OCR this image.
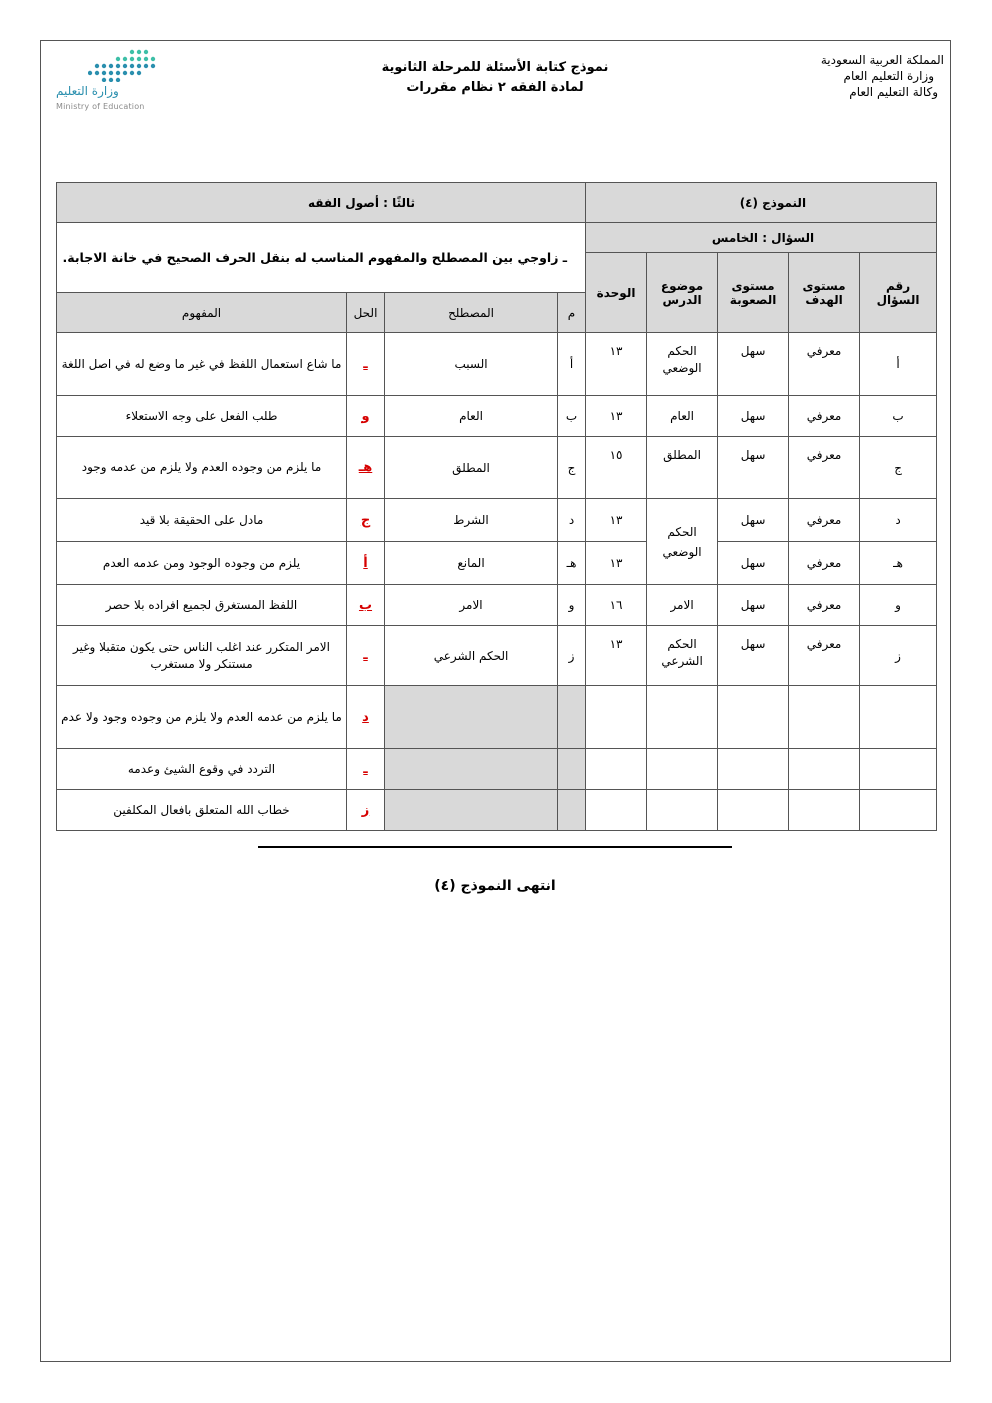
المملكة العربية السعودية
وزارة التعليم العام
وكالة التعليم العام
نموذج كتابة الأسئلة للمرحلة الثانوية
لمادة الفقه ٢ نظام مقررات
وزارة التعليم
Ministry of Education
النموذج (٤)				
السؤال : الخامس				
رقم السؤال	مستوى الهدف	مستوى الصعوبة	موضوع الدرس	الوحدة
أ	معرفي	سهل	الحكم الوضعي	١٣
ب	معرفي	سهل	العام	١٣
ج	معرفي	سهل	المطلق	١٥
د	معرفي	سهل	الحكم الوضعي	١٣
هـ	معرفي	سهل		١٣
و	معرفي	سهل	الامر	١٦
ز	معرفي	سهل	الحكم الشرعي	١٣

ثالثًا : أصول الفقه			
ـ زاوجي بين المصطلح والمفهوم المناسب له بنقل الحرف الصحيح في خانة الاجابة.			
م	المصطلح	الحل	المفهوم
أ	السبب	ـ	ما شاع استعمال اللفظ في غير ما وضع له في اصل اللغة
ب	العام	و	طلب الفعل على وجه الاستعلاء
ج	المطلق	هـ	ما يلزم من وجوده العدم ولا يلزم من عدمه وجود
د	الشرط	ج	مادل على الحقيقة بلا قيد
هـ	المانع	أ	يلزم من وجوده الوجود ومن عدمه العدم
و	الامر	ب	اللفظ المستغرق لجميع افراده بلا حصر
ز	الحكم الشرعي	ـ	الامر المتكرر عند اغلب الناس حتى يكون متقبلا وغير مستنكر ولا مستغرب
		د	ما يلزم من عدمه العدم ولا يلزم من وجوده وجود ولا عدم
		ـ	التردد في وقوع الشيئ وعدمه
		ز	خطاب الله المتعلق بافعال المكلفين
انتهى النموذج (٤)
